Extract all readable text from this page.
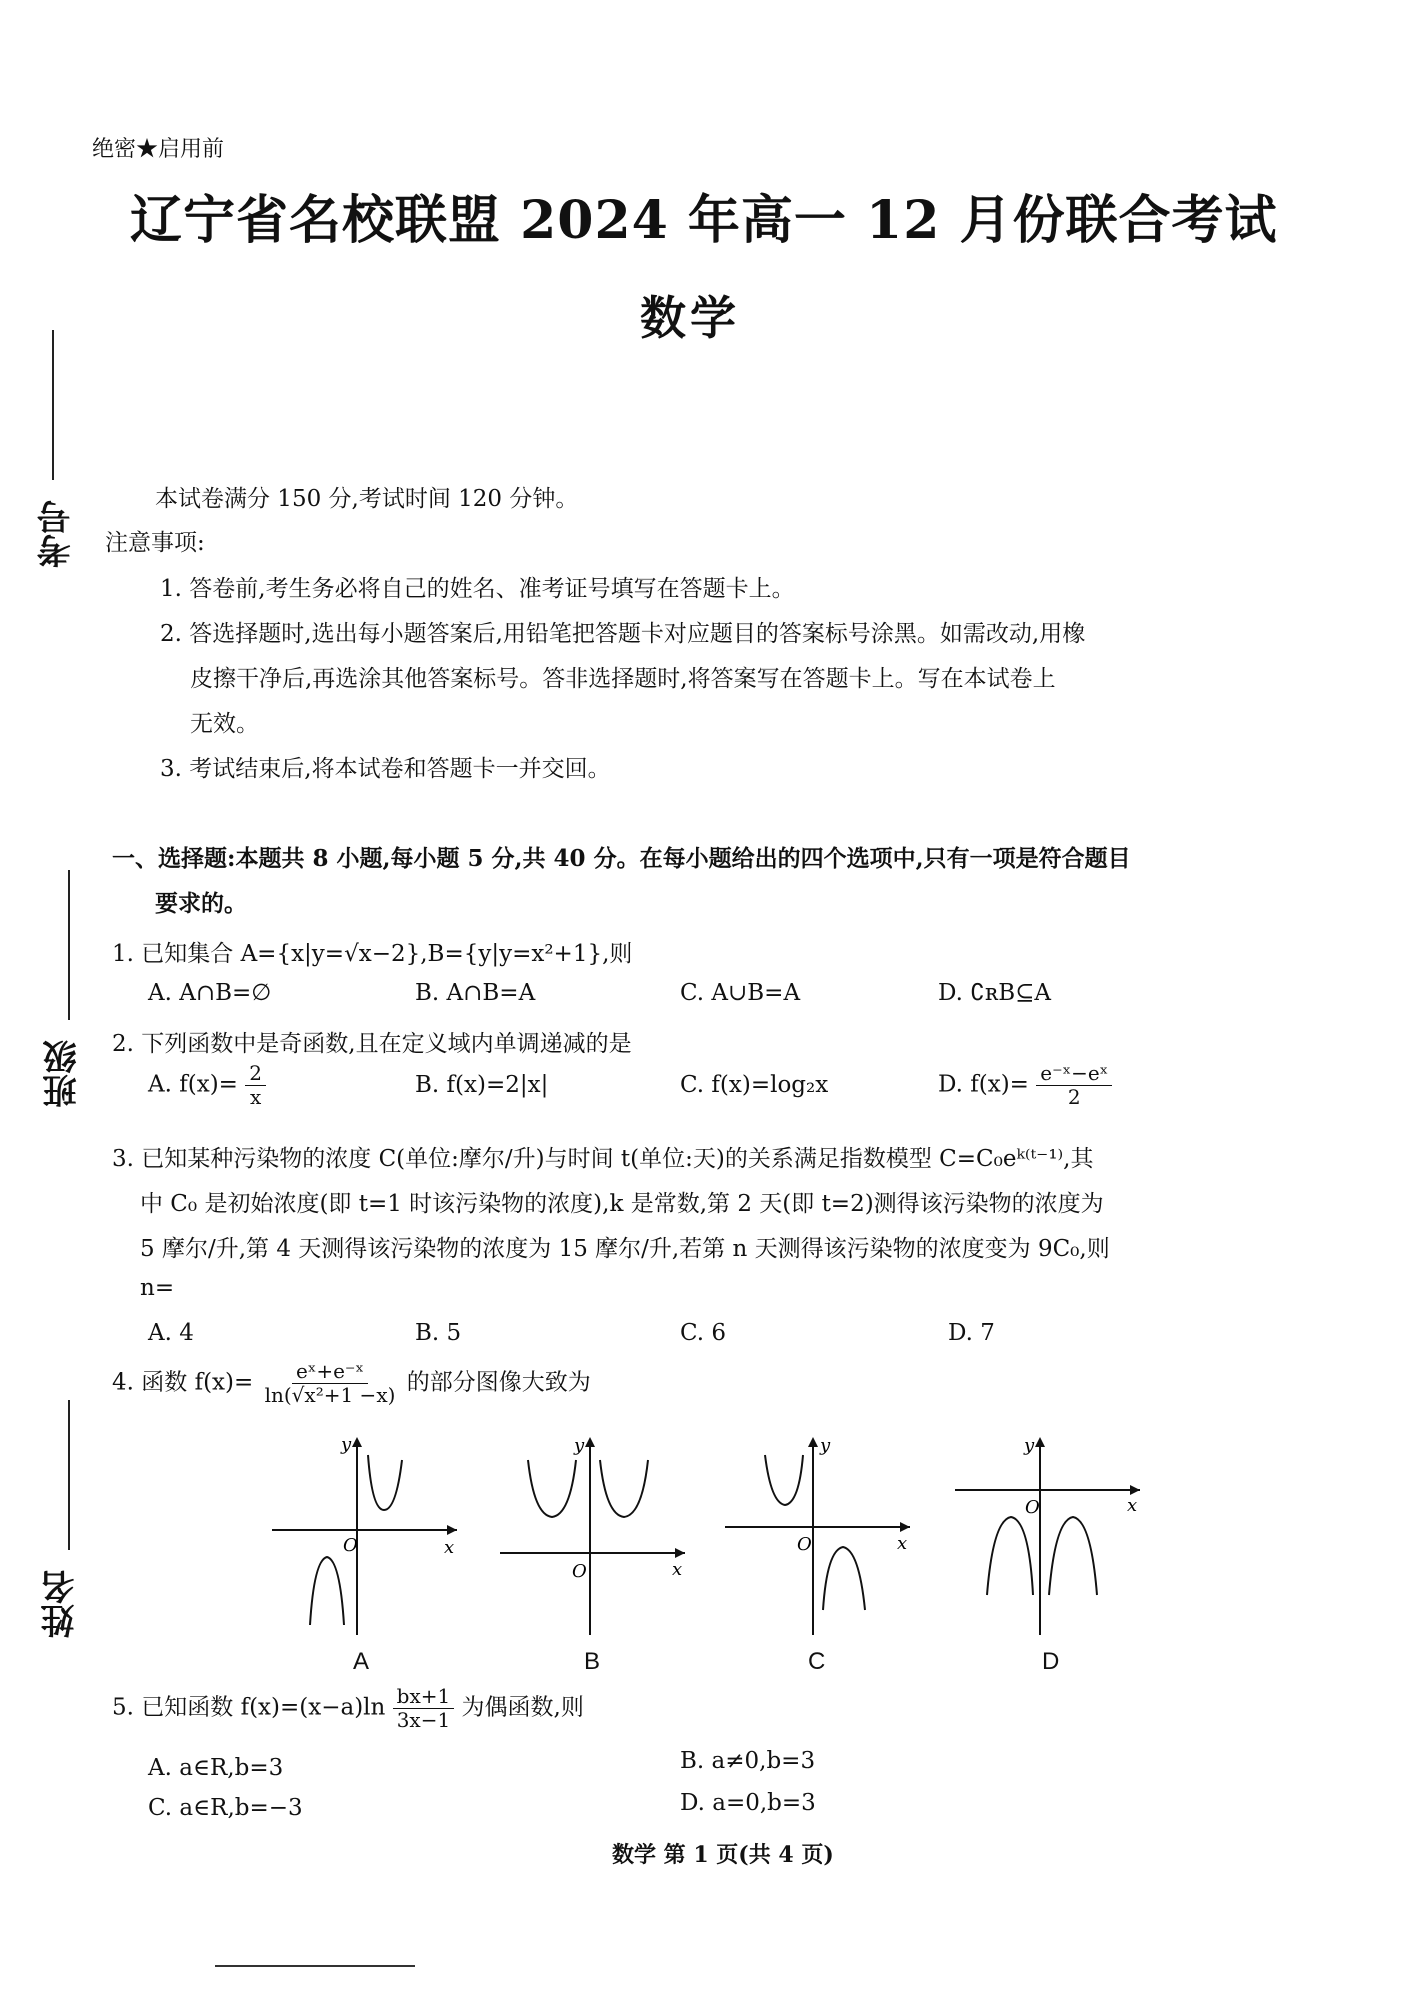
绝密★启用前
辽宁省名校联盟 2024 年高一 12 月份联合考试
数学
考号
班级
姓名
本试卷满分 150 分,考试时间 120 分钟。
注意事项:
1. 答卷前,考生务必将自己的姓名、准考证号填写在答题卡上。
2. 答选择题时,选出每小题答案后,用铅笔把答题卡对应题目的答案标号涂黑。如需改动,用橡
皮擦干净后,再选涂其他答案标号。答非选择题时,将答案写在答题卡上。写在本试卷上
无效。
3. 考试结束后,将本试卷和答题卡一并交回。
一、选择题:本题共 8 小题,每小题 5 分,共 40 分。在每小题给出的四个选项中,只有一项是符合题目
要求的。
1. 已知集合 A={x|y=√x−2},B={y|y=x²+1},则
A. A∩B=∅	B. A∩B=A	C. A∪B=A	D. ∁ʀB⊆A
2. 下列函数中是奇函数,且在定义域内单调递减的是
A. $f(x)= \frac{2}{x}$	B. f(x)=2|x|	C. f(x)=log₂x	D. $f(x)= \frac{\text{e⁻ˣ−eˣ}}{2}$
3. 已知某种污染物的浓度 C(单位:摩尔/升)与时间 t(单位:天)的关系满足指数模型 C=C₀eᵏ⁽ᵗ⁻¹⁾,其
中 C₀ 是初始浓度(即 t=1 时该污染物的浓度),k 是常数,第 2 天(即 t=2)测得该污染物的浓度为
5 摩尔/升,第 4 天测得该污染物的浓度为 15 摩尔/升,若第 n 天测得该污染物的浓度变为 9C₀,则
n=
A. 4	B. 5	C. 6	D. 7
4. 函数 $f(x)= \frac{\text{eˣ+e⁻ˣ}}{\text{ln(√x²+1 −x)}}$ 的部分图像大致为
y
x
O
y
x
O
y
x
O
y
x
O
A	B	C	D
5. 已知函数 $f(x)=(x-a)\ln \frac{bx+1}{3x-1}$ 为偶函数,则
A. a∈R,b=3	B. a≠0,b=3
C. a∈R,b=−3	D. a=0,b=3
数学 第 1 页(共 4 页)
